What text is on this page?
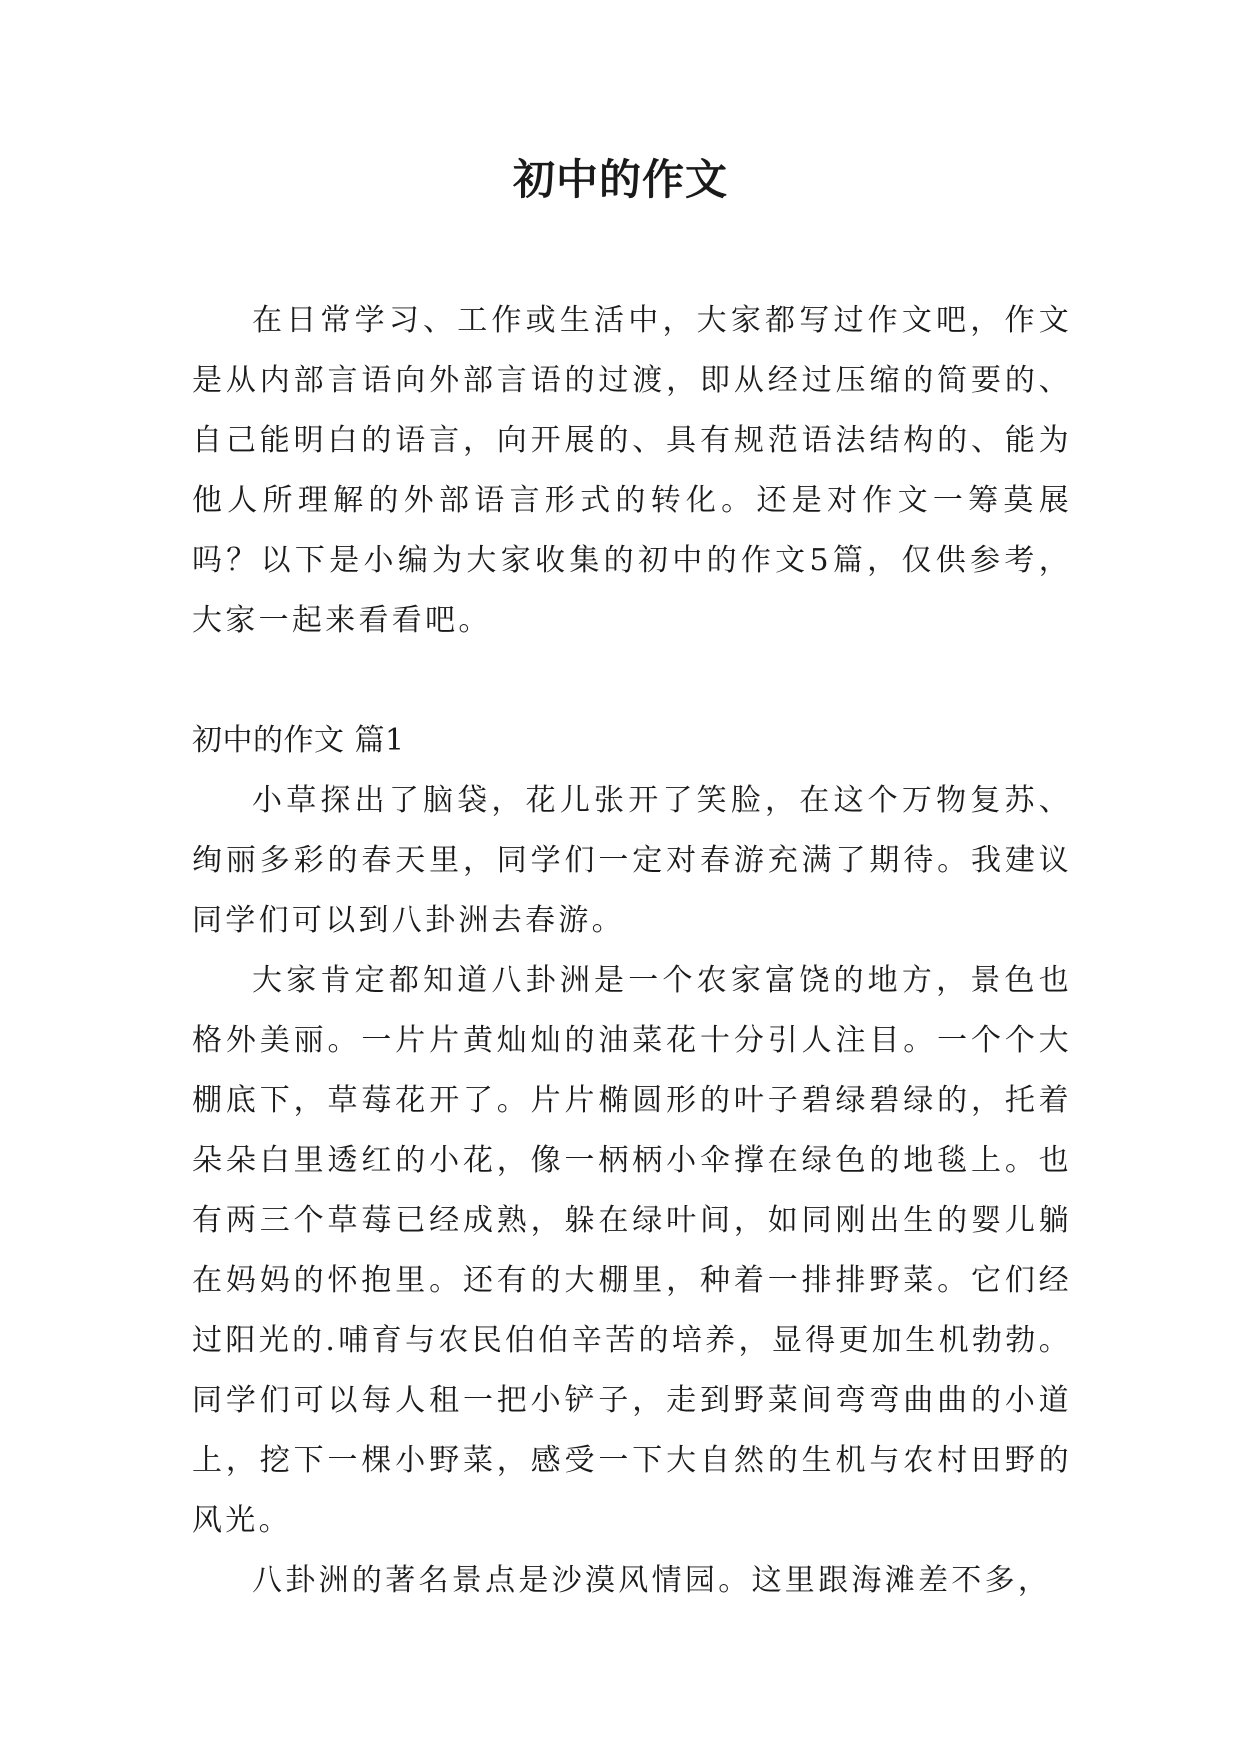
初中的作文

在日常学习、工作或生活中，大家都写过作文吧，作文是从内部言语向外部言语的过渡，即从经过压缩的简要的、自己能明白的语言，向开展的、具有规范语法结构的、能为他人所理解的外部语言形式的转化。还是对作文一筹莫展吗？以下是小编为大家收集的初中的作文5篇，仅供参考，大家一起来看看吧。

初中的作文 篇1

小草探出了脑袋，花儿张开了笑脸，在这个万物复苏、绚丽多彩的春天里，同学们一定对春游充满了期待。我建议同学们可以到八卦洲去春游。

大家肯定都知道八卦洲是一个农家富饶的地方，景色也格外美丽。一片片黄灿灿的油菜花十分引人注目。一个个大棚底下，草莓花开了。片片椭圆形的叶子碧绿碧绿的，托着朵朵白里透红的小花，像一柄柄小伞撑在绿色的地毯上。也有两三个草莓已经成熟，躲在绿叶间，如同刚出生的婴儿躺在妈妈的怀抱里。还有的大棚里，种着一排排野菜。它们经过阳光的.哺育与农民伯伯辛苦的培养，显得更加生机勃勃。同学们可以每人租一把小铲子，走到野菜间弯弯曲曲的小道上，挖下一棵小野菜，感受一下大自然的生机与农村田野的风光。

八卦洲的著名景点是沙漠风情园。这里跟海滩差不多，
